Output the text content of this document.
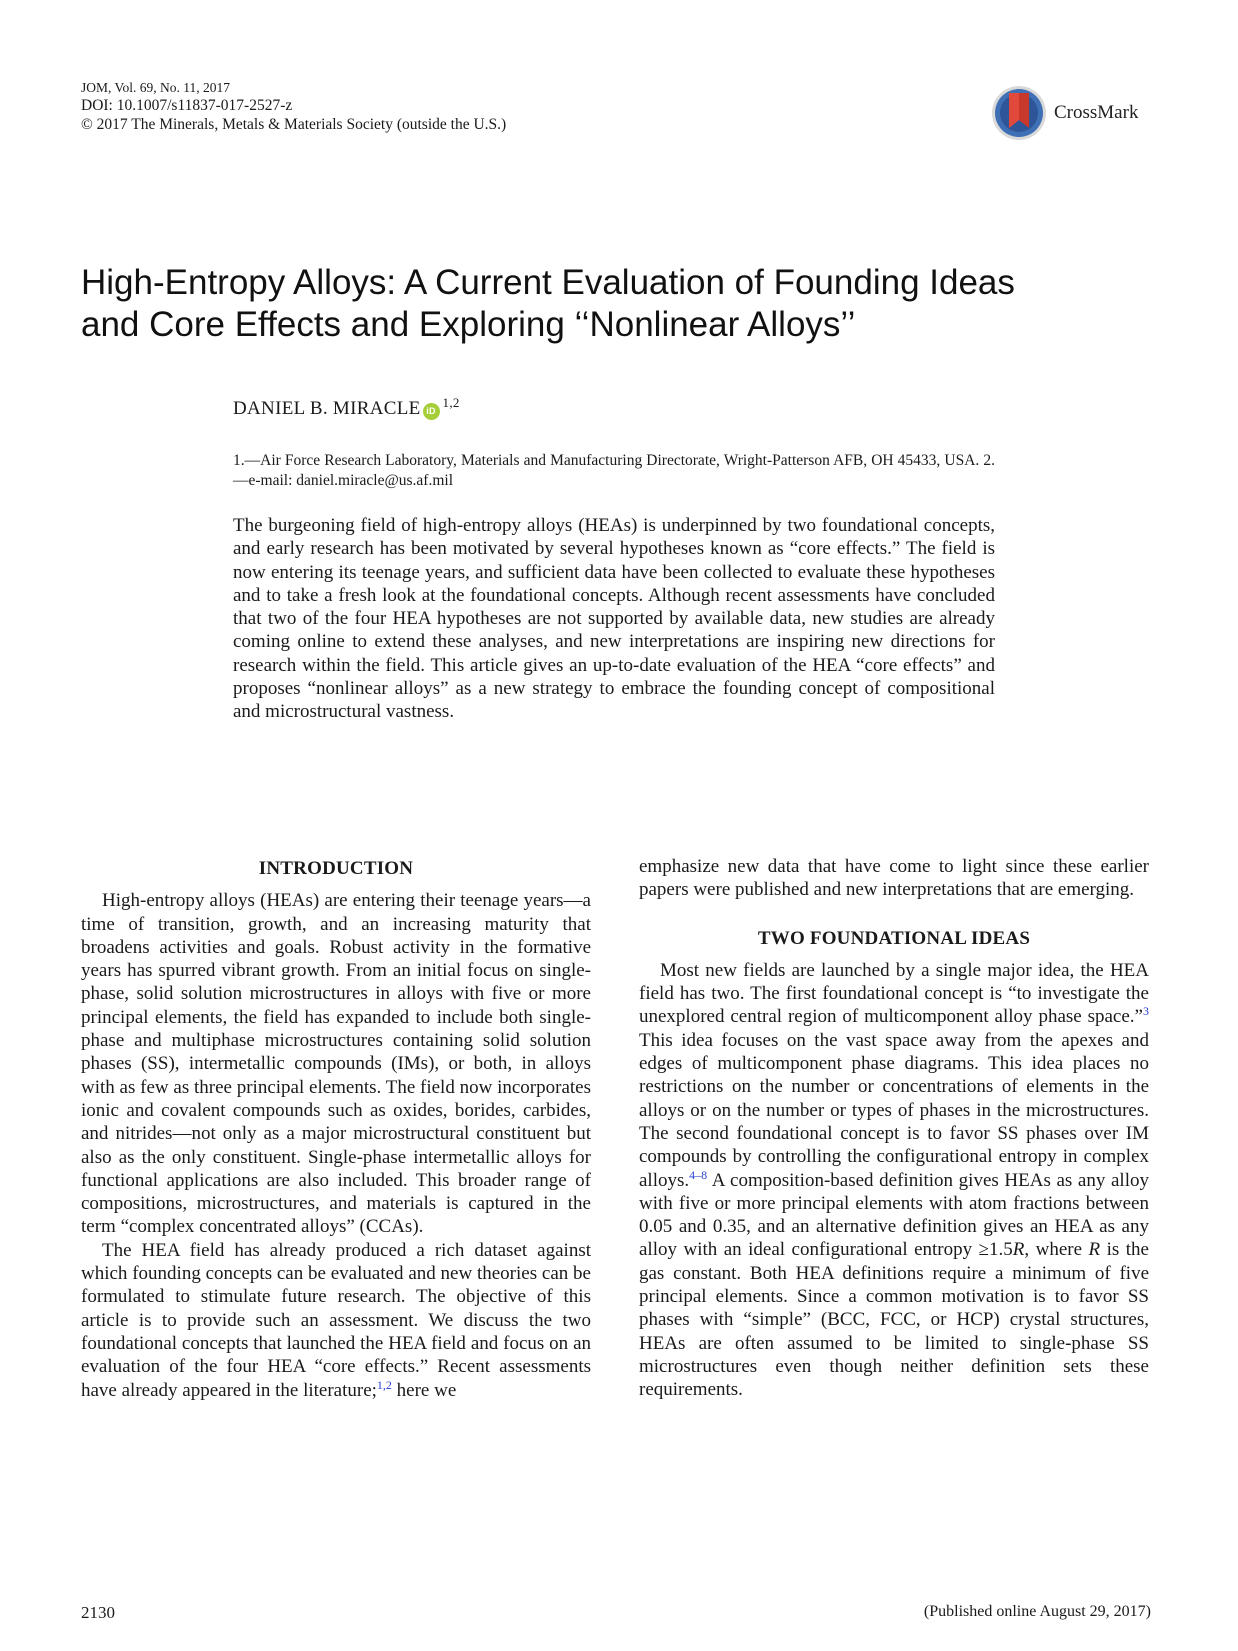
JOM, Vol. 69, No. 11, 2017
DOI: 10.1007/s11837-017-2527-z
© 2017 The Minerals, Metals & Materials Society (outside the U.S.)
CrossMark
High-Entropy Alloys: A Current Evaluation of Founding Ideas
and Core Effects and Exploring ‘‘Nonlinear Alloys’’
DANIEL B. MIRACLE iD
1,2
1.—Air Force Research Laboratory, Materials and Manufacturing Directorate, Wright-Patterson AFB, OH 45433, USA. 2.—e-mail: daniel.miracle@us.af.mil
The burgeoning field of high-entropy alloys (HEAs) is underpinned by two foundational concepts, and early research has been motivated by several hypotheses known as “core effects.” The field is now entering its teenage years, and sufficient data have been collected to evaluate these hypotheses and to take a fresh look at the foundational concepts. Although recent assessments have concluded that two of the four HEA hypotheses are not supported by available data, new studies are already coming online to extend these analyses, and new interpretations are inspiring new directions for research within the field. This article gives an up-to-date evaluation of the HEA “core effects” and proposes “nonlinear alloys” as a new strategy to embrace the founding concept of compositional and microstructural vastness.
INTRODUCTION

High-entropy alloys (HEAs) are entering their teenage years—a time of transition, growth, and an increasing maturity that broadens activities and goals. Robust activity in the formative years has spurred vibrant growth. From an initial focus on single-phase, solid solution microstructures in alloys with five or more principal elements, the field has expanded to include both single-phase and multiphase microstructures containing solid solution phases (SS), intermetallic compounds (IMs), or both, in alloys with as few as three principal elements. The field now incorporates ionic and covalent compounds such as oxides, borides, carbides, and nitrides—not only as a major microstructural constituent but also as the only constituent. Single-phase intermetallic alloys for functional applications are also included. This broader range of compositions, microstructures, and materials is captured in the term “complex concentrated alloys” (CCAs).

The HEA field has already produced a rich dataset against which founding concepts can be evaluated and new theories can be formulated to stimulate future research. The objective of this article is to provide such an assessment. We discuss the two foundational concepts that launched the HEA field and focus on an evaluation of the four HEA “core effects.” Recent assessments have already appeared in the literature;$^{1,2}$ here we

emphasize new data that have come to light since these earlier papers were published and new interpretations that are emerging.

TWO FOUNDATIONAL IDEAS

Most new fields are launched by a single major idea, the HEA field has two. The first foundational concept is “to investigate the unexplored central region of multicomponent alloy phase space.”$^3$ This idea focuses on the vast space away from the apexes and edges of multicomponent phase diagrams. This idea places no restrictions on the number or concentrations of elements in the alloys or on the number or types of phases in the microstructures. The second foundational concept is to favor SS phases over IM compounds by controlling the configurational entropy in complex alloys.$^{4-8}$ A composition-based definition gives HEAs as any alloy with five or more principal elements with atom fractions between 0.05 and 0.35, and an alternative definition gives an HEA as any alloy with an ideal configurational entropy ≥1.5R, where R is the gas constant. Both HEA definitions require a minimum of five principal elements. Since a common motivation is to favor SS phases with “simple” (BCC, FCC, or HCP) crystal structures, HEAs are often assumed to be limited to single-phase SS microstructures even though neither definition sets these requirements.

2130	(Published online August 29, 2017)
